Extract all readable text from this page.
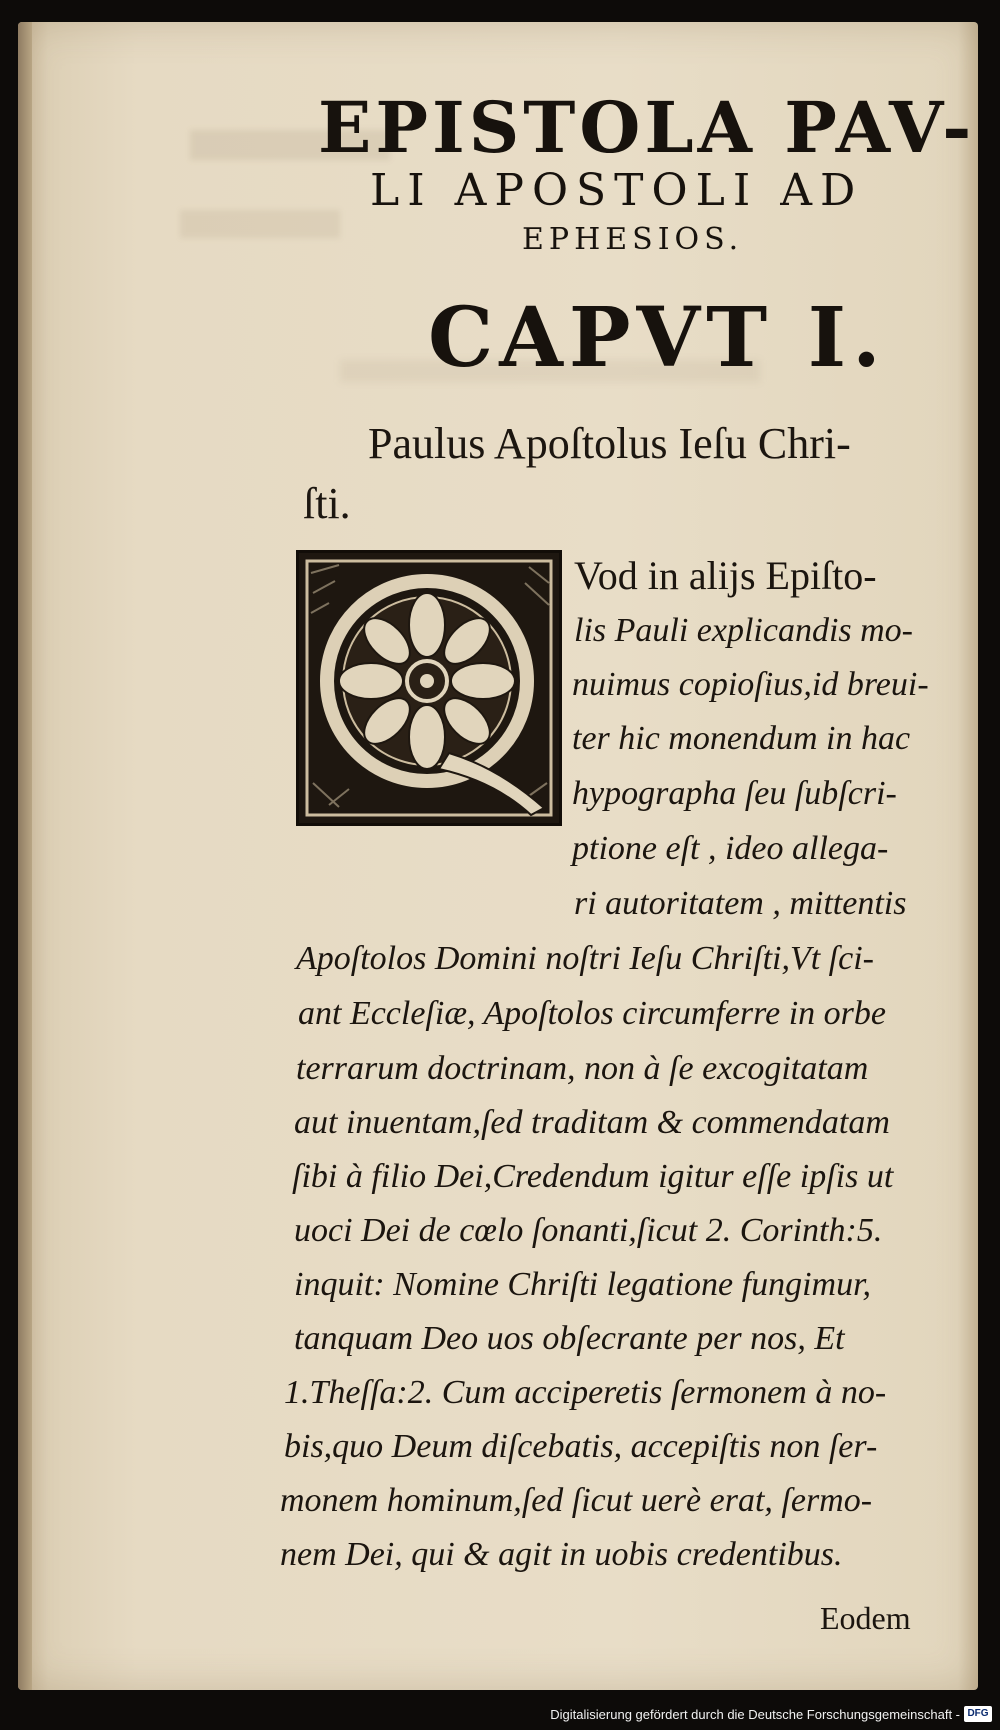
EPISTOLA PAV-
LI APOSTOLI AD
EPHESIOS.
CAPVT I.
Paulus Apoſtolus Ieſu Chri-
ſti.
Vod in alijs Epiſto-
lis Pauli explicandis mo-
nuimus copioſius,id breui-
ter hic monendum in hac
hypographa ſeu ſubſcri-
ptione eſt , ideo allega-
ri autoritatem , mittentis
Apoſtolos Domini noſtri Ieſu Chriſti,Vt ſci-
ant Eccleſiæ, Apoſtolos circumferre in orbe
terrarum doctrinam, non à ſe excogitatam
aut inuentam,ſed traditam & commendatam
ſibi à filio Dei,Credendum igitur eſſe ipſis ut
uoci Dei de cœlo ſonanti,ſicut 2. Corinth:5.
inquit: Nomine Chriſti legatione fungimur,
tanquam Deo uos obſecrante per nos, Et
1.Theſſa:2. Cum acciperetis ſermonem à no-
bis,quo Deum diſcebatis, accepiſtis non ſer-
monem hominum,ſed ſicut uerè erat, ſermo-
nem Dei, qui & agit in uobis credentibus.
Eodem
Digitalisierung gefördert durch die Deutsche Forschungsgemeinschaft - DFG
